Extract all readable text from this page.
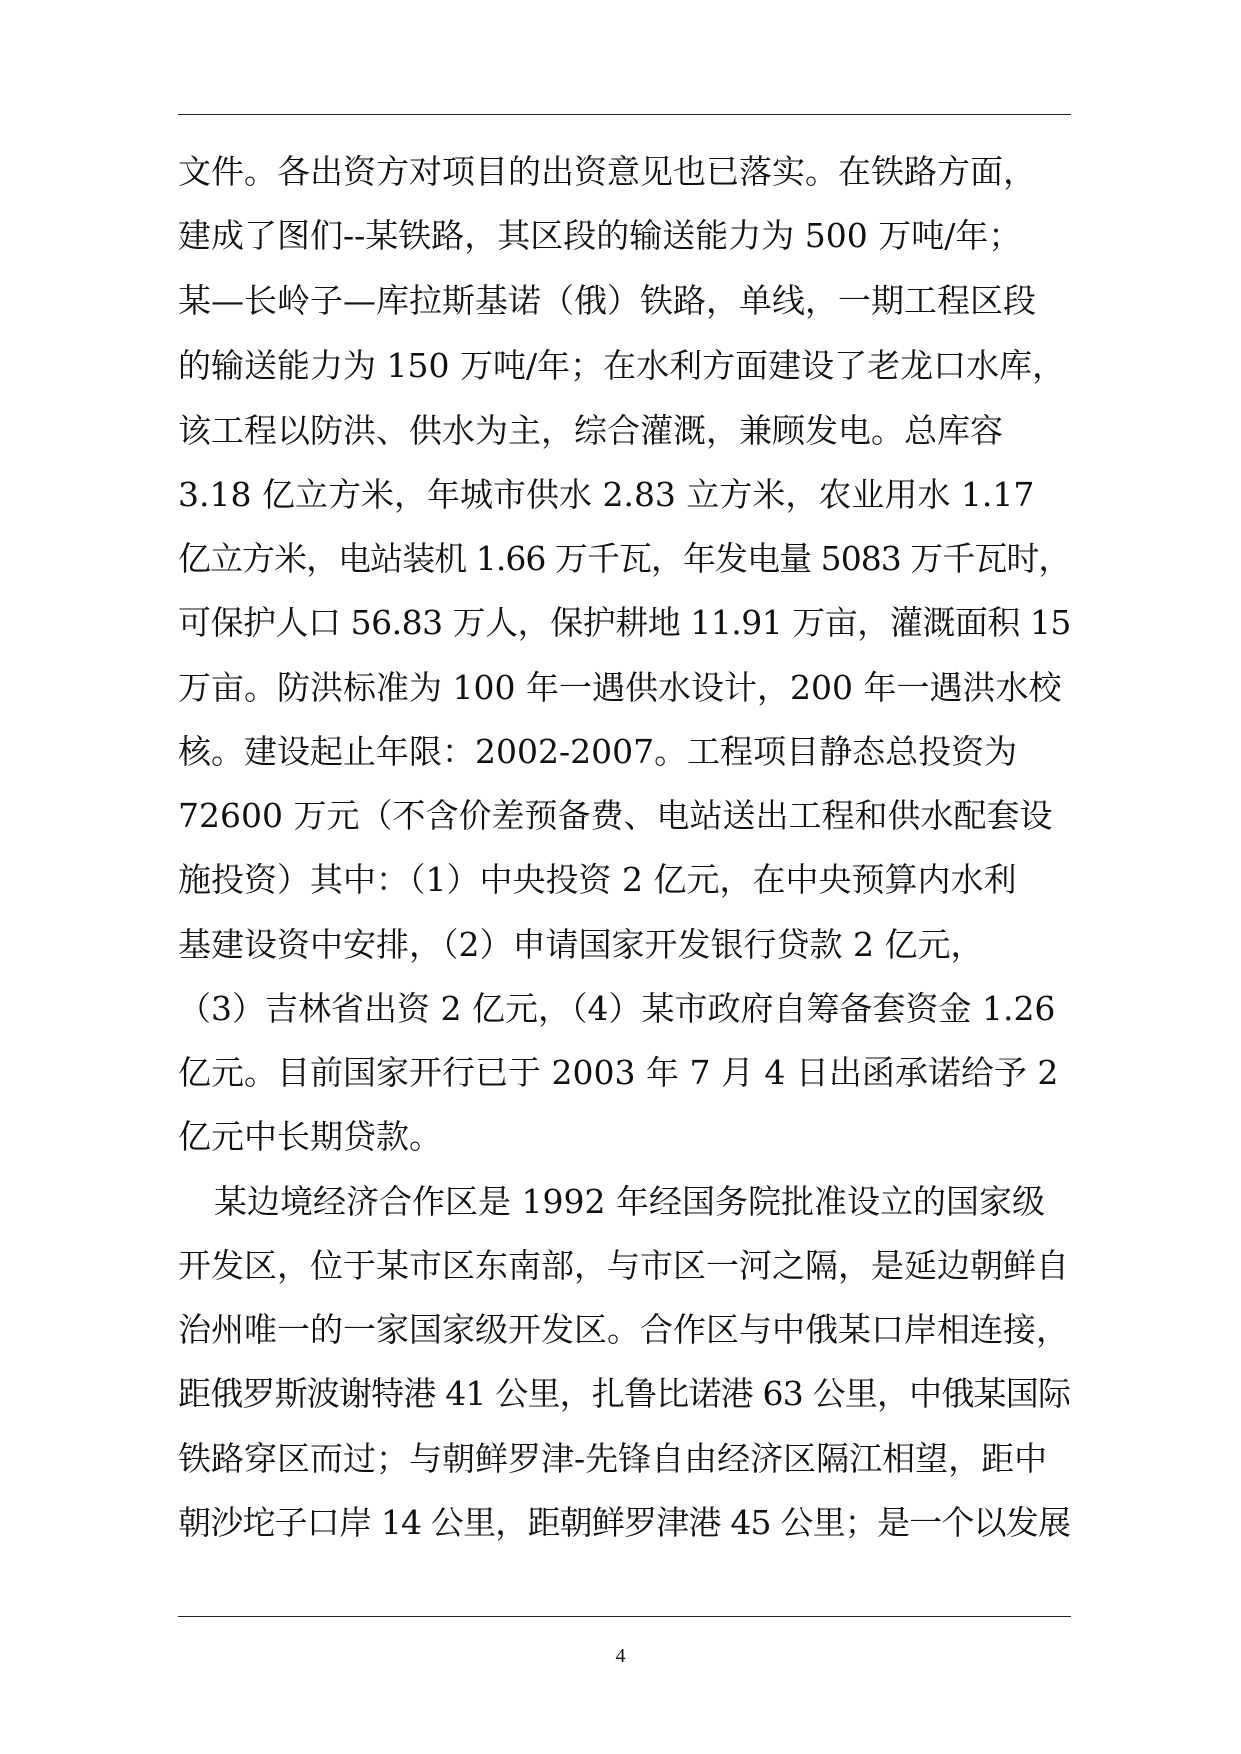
文件。各出资方对项目的出资意见也已落实。在铁路方面，
建成了图们--某铁路，其区段的输送能力为 500 万吨/年；
某—长岭子—库拉斯基诺（俄）铁路，单线，一期工程区段
的输送能力为 150 万吨/年；在水利方面建设了老龙口水库，
该工程以防洪、供水为主，综合灌溉，兼顾发电。总库容
3.18 亿立方米，年城市供水 2.83 立方米，农业用水 1.17
亿立方米，电站装机 1.66 万千瓦，年发电量 5083 万千瓦时，
可保护人口 56.83 万人，保护耕地 11.91 万亩，灌溉面积 15
万亩。防洪标准为 100 年一遇供水设计，200 年一遇洪水校
核。建设起止年限：2002-2007。工程项目静态总投资为
72600 万元（不含价差预备费、电站送出工程和供水配套设
施投资）其中：（1）中央投资 2 亿元，在中央预算内水利
基建设资中安排，（2）申请国家开发银行贷款 2 亿元，
（3）吉林省出资 2 亿元，（4）某市政府自筹备套资金 1.26
亿元。目前国家开行已于 2003 年 7 月 4 日出函承诺给予 2
亿元中长期贷款。
某边境经济合作区是 1992 年经国务院批准设立的国家级
开发区，位于某市区东南部，与市区一河之隔，是延边朝鲜自
治州唯一的一家国家级开发区。合作区与中俄某口岸相连接，
距俄罗斯波谢特港 41 公里，扎鲁比诺港 63 公里，中俄某国际
铁路穿区而过；与朝鲜罗津-先锋自由经济区隔江相望，距中
朝沙坨子口岸 14 公里，距朝鲜罗津港 45 公里；是一个以发展
4
